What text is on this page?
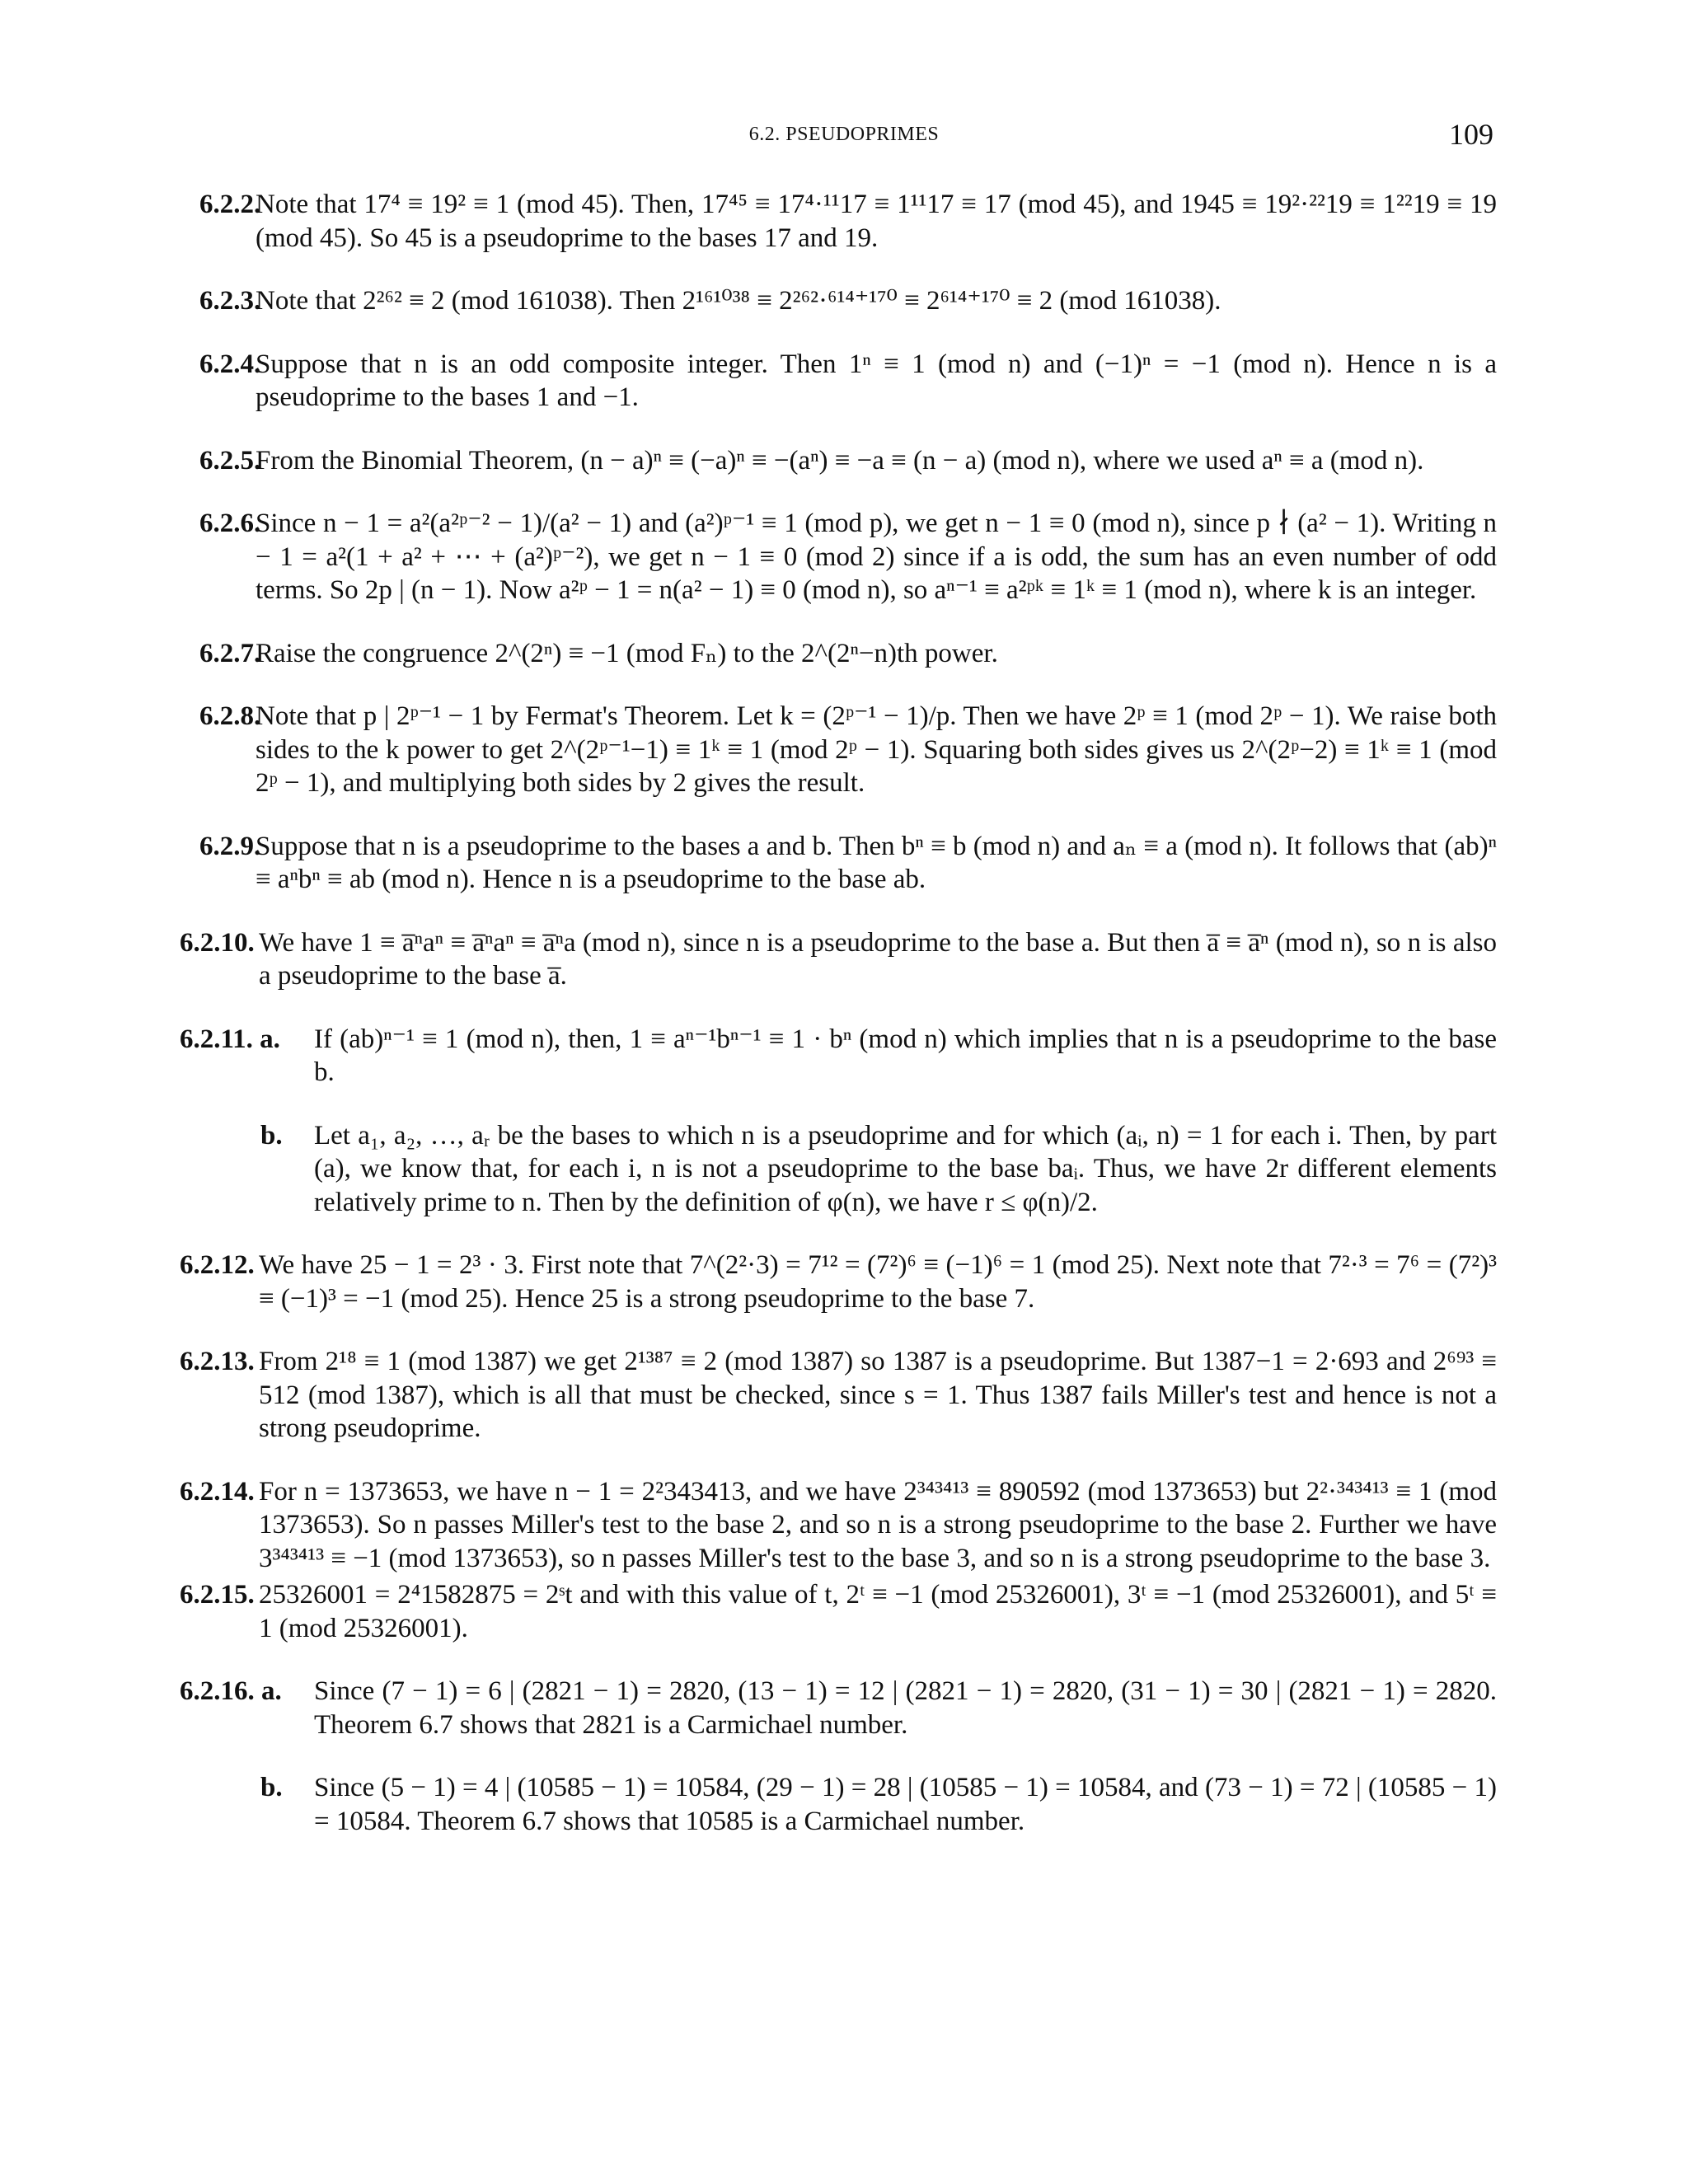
6.2. PSEUDOPRIMES	109
6.2.2.
Note that 17⁴ ≡ 19² ≡ 1 (mod 45). Then, 17⁴⁵ ≡ 17⁴·¹¹17 ≡ 1¹¹17 ≡ 17 (mod 45), and 1945 ≡ 19²·²²19 ≡ 1²²19 ≡ 19 (mod 45). So 45 is a pseudoprime to the bases 17 and 19.
6.2.3.
Note that 2²⁶² ≡ 2 (mod 161038). Then 2¹⁶¹⁰³⁸ ≡ 2²⁶²·⁶¹⁴⁺¹⁷⁰ ≡ 2⁶¹⁴⁺¹⁷⁰ ≡ 2 (mod 161038).
6.2.4.
Suppose that n is an odd composite integer. Then 1ⁿ ≡ 1 (mod n) and (−1)ⁿ = −1 (mod n). Hence n is a pseudoprime to the bases 1 and −1.
6.2.5.
From the Binomial Theorem, (n − a)ⁿ ≡ (−a)ⁿ ≡ −(aⁿ) ≡ −a ≡ (n − a) (mod n), where we used aⁿ ≡ a (mod n).
6.2.6.
Since n − 1 = a²(a²ᵖ⁻² − 1)/(a² − 1) and (a²)ᵖ⁻¹ ≡ 1 (mod p), we get n − 1 ≡ 0 (mod n), since p ∤ (a² − 1). Writing n − 1 = a²(1 + a² + ⋯ + (a²)ᵖ⁻²), we get n − 1 ≡ 0 (mod 2) since if a is odd, the sum has an even number of odd terms. So 2p | (n − 1). Now a²ᵖ − 1 = n(a² − 1) ≡ 0 (mod n), so aⁿ⁻¹ ≡ a²ᵖᵏ ≡ 1ᵏ ≡ 1 (mod n), where k is an integer.
6.2.7.
Raise the congruence 2^(2ⁿ) ≡ −1 (mod Fₙ) to the 2^(2ⁿ−n)th power.
6.2.8.
Note that p | 2ᵖ⁻¹ − 1 by Fermat's Theorem. Let k = (2ᵖ⁻¹ − 1)/p. Then we have 2ᵖ ≡ 1 (mod 2ᵖ − 1). We raise both sides to the k power to get 2^(2ᵖ⁻¹−1) ≡ 1ᵏ ≡ 1 (mod 2ᵖ − 1). Squaring both sides gives us 2^(2ᵖ−2) ≡ 1ᵏ ≡ 1 (mod 2ᵖ − 1), and multiplying both sides by 2 gives the result.
6.2.9.
Suppose that n is a pseudoprime to the bases a and b. Then bⁿ ≡ b (mod n) and aₙ ≡ a (mod n). It follows that (ab)ⁿ ≡ aⁿbⁿ ≡ ab (mod n). Hence n is a pseudoprime to the base ab.
6.2.10. We have 1 ≡ a̅ⁿaⁿ ≡ a̅ⁿaⁿ ≡ a̅ⁿa (mod n), since n is a pseudoprime to the base a. But then a̅ ≡ a̅ⁿ (mod n), so n is also a pseudoprime to the base a̅.
6.2.11. a. If (ab)ⁿ⁻¹ ≡ 1 (mod n), then, 1 ≡ aⁿ⁻¹bⁿ⁻¹ ≡ 1 · bⁿ (mod n) which implies that n is a pseudoprime to the base b.
b. Let a₁, a₂, …, aᵣ be the bases to which n is a pseudoprime and for which (aᵢ, n) = 1 for each i. Then, by part (a), we know that, for each i, n is not a pseudoprime to the base baᵢ. Thus, we have 2r different elements relatively prime to n. Then by the definition of φ(n), we have r ≤ φ(n)/2.
6.2.12. We have 25 − 1 = 2³ · 3. First note that 7^(2²·3) = 7¹² = (7²)⁶ ≡ (−1)⁶ = 1 (mod 25). Next note that 7²·³ = 7⁶ = (7²)³ ≡ (−1)³ = −1 (mod 25). Hence 25 is a strong pseudoprime to the base 7.
6.2.13. From 2¹⁸ ≡ 1 (mod 1387) we get 2¹³⁸⁷ ≡ 2 (mod 1387) so 1387 is a pseudoprime. But 1387−1 = 2·693 and 2⁶⁹³ ≡ 512 (mod 1387), which is all that must be checked, since s = 1. Thus 1387 fails Miller's test and hence is not a strong pseudoprime.
6.2.14. For n = 1373653, we have n − 1 = 2²343413, and we have 2³⁴³⁴¹³ ≡ 890592 (mod 1373653) but 2²·³⁴³⁴¹³ ≡ 1 (mod 1373653). So n passes Miller's test to the base 2, and so n is a strong pseudoprime to the base 2. Further we have 3³⁴³⁴¹³ ≡ −1 (mod 1373653), so n passes Miller's test to the base 3, and so n is a strong pseudoprime to the base 3.
6.2.15. 25326001 = 2⁴1582875 = 2ˢt and with this value of t, 2ᵗ ≡ −1 (mod 25326001), 3ᵗ ≡ −1 (mod 25326001), and 5ᵗ ≡ 1 (mod 25326001).
6.2.16. a. Since (7 − 1) = 6 | (2821 − 1) = 2820, (13 − 1) = 12 | (2821 − 1) = 2820, (31 − 1) = 30 | (2821 − 1) = 2820. Theorem 6.7 shows that 2821 is a Carmichael number.
b. Since (5 − 1) = 4 | (10585 − 1) = 10584, (29 − 1) = 28 | (10585 − 1) = 10584, and (73 − 1) = 72 | (10585 − 1) = 10584. Theorem 6.7 shows that 10585 is a Carmichael number.
